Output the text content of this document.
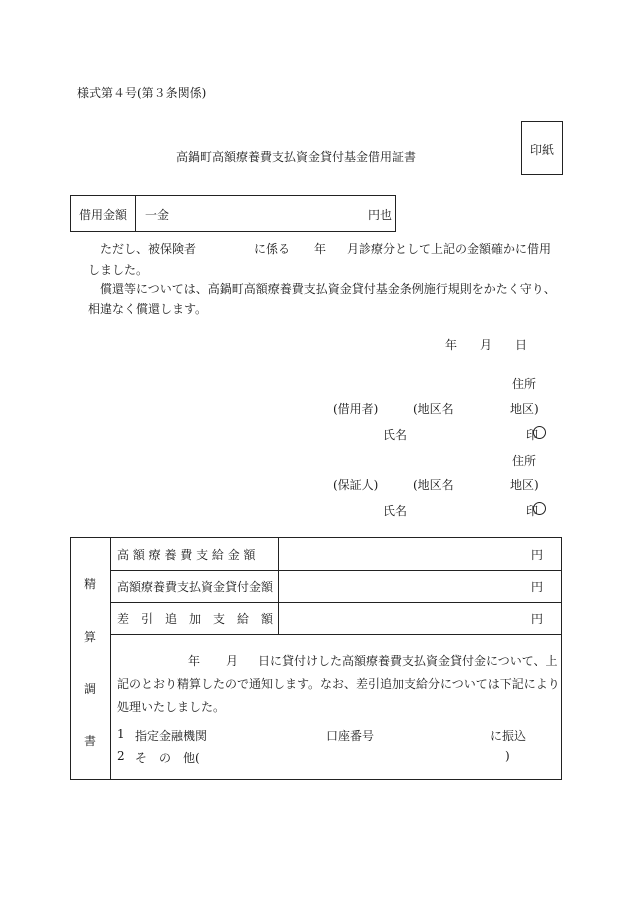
様式第４号(第３条関係)
印紙
高鍋町高額療養費支払資金貸付基金借用証書
借用金額 一金	円也
ただし、被保険者	に係る 年 月診療分として上記の金額確かに借用
しました。
償還等については、高鍋町高額療養費支払資金貸付基金条例施行規則をかたく守り、
相違なく償還します。
年 月 日
住所
(借用者)	(地区名	地区)
氏名	印
住所
(保証人)	(地区名	地区)
氏名	印
精
算
調
書
高 額 療 養 費 支 給 金 額	円
高額療養費支払資金貸付金額	円
差　引　追　加　支　給　額	円
年 月 日に貸付けした高額療養費支払資金貸付金について、上
記のとおり精算したので通知します。なお、差引追加支給分については下記により
処理いたしました。
1 指定金融機関	口座番号	に振込
2 そ　の　他(	)
